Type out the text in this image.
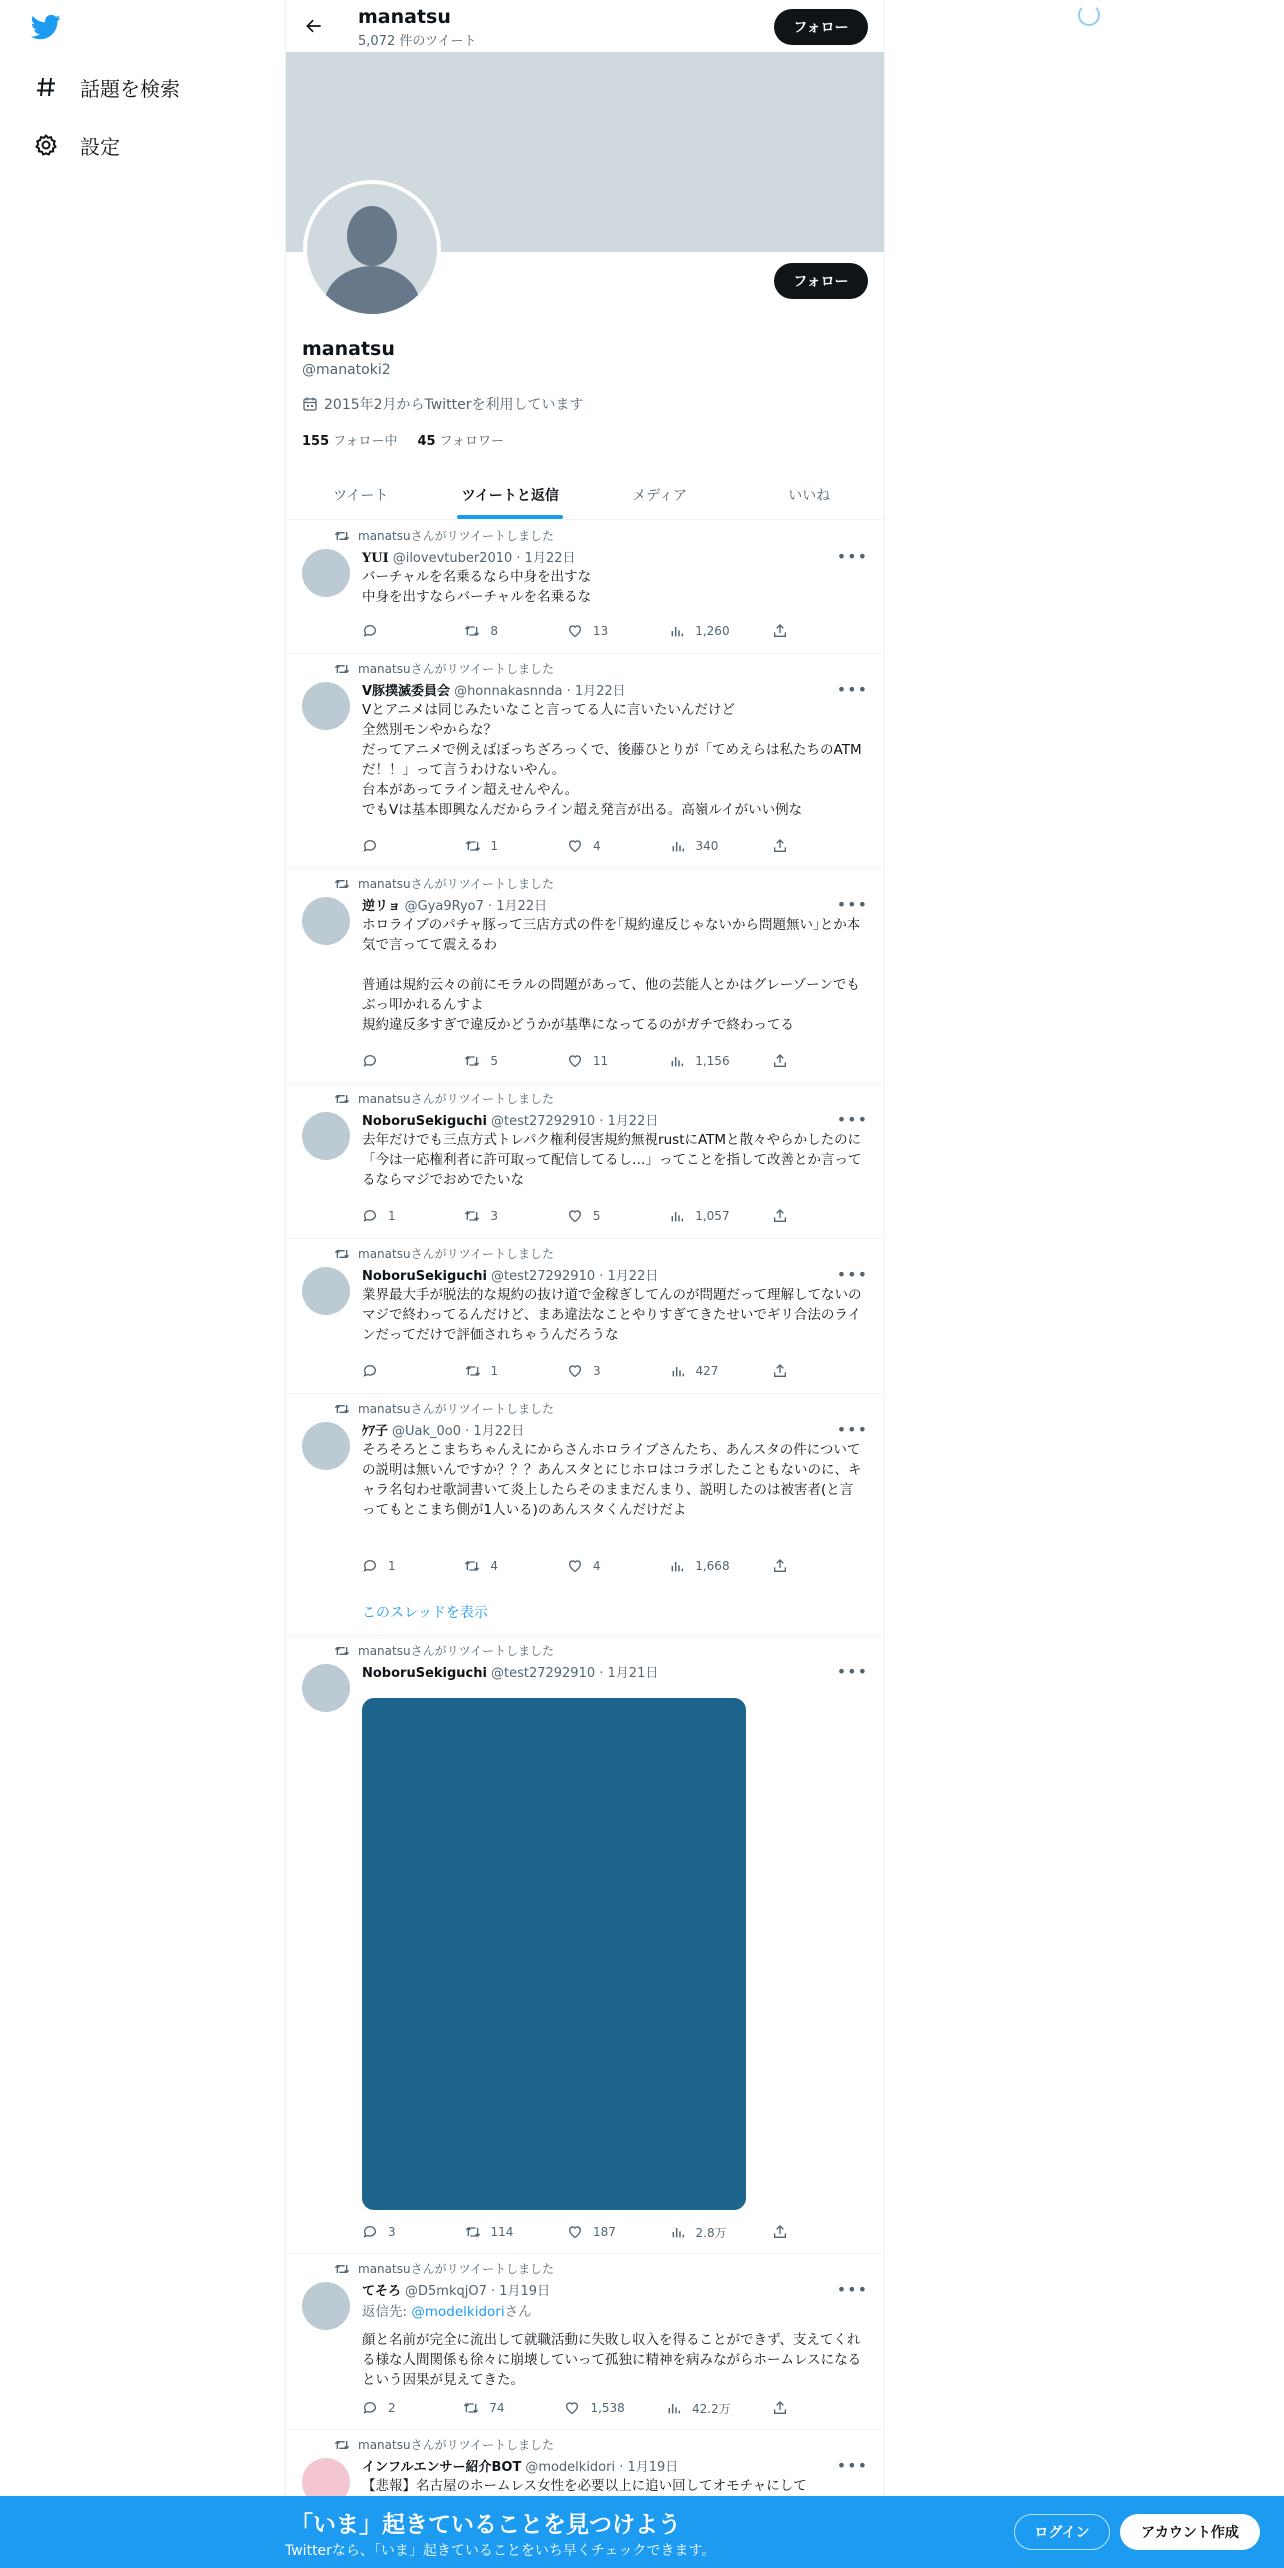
話題を検索
設定
manatsu
5,072 件のツイート
フォロー
フォロー
manatsu
@manatoki2
2015年2月からTwitterを利用しています
155 フォロー中 45 フォロワー
ツイート	ツイートと返信	メディア	いいね
manatsuさんがリツイートしました
𝐘𝐔𝐈 @ilovevtuber2010 · 1月22日	•••
バーチャルを名乗るなら中身を出すな
中身を出すならバーチャルを名乗るな
8	13	1,260
manatsuさんがリツイートしました
V豚撲滅委員会 @honnakasnnda · 1月22日	•••
Vとアニメは同じみたいなこと言ってる人に言いたいんだけど
全然別モンやからな？
だってアニメで例えばぼっちざろっくで、後藤ひとりが「てめえらは私たちのATMだ！！」って言うわけないやん。
台本があってライン超えせんやん。
でもVは基本即興なんだからライン超え発言が出る。高嶺ルイがいい例な
1	4	340
manatsuさんがリツイートしました
逆リョ @Gya9Ryo7 · 1月22日	•••
ホロライブのパチャ豚って三店方式の件を｢規約違反じゃないから問題無い｣とか本気で言ってて震えるわ

普通は規約云々の前にモラルの問題があって、他の芸能人とかはグレーゾーンでもぶっ叩かれるんすよ
規約違反多すぎで違反かどうかが基準になってるのがガチで終わってる
5	11	1,156
manatsuさんがリツイートしました
NoboruSekiguchi @test27292910 · 1月22日	•••
去年だけでも三点方式トレパク権利侵害規約無視rustにATMと散々やらかしたのに「今は一応権利者に許可取って配信してるし…」ってことを指して改善とか言ってるならマジでおめでたいな
1	3	5	1,057
manatsuさんがリツイートしました
NoboruSekiguchi @test27292910 · 1月22日	•••
業界最大手が脱法的な規約の抜け道で金稼ぎしてんのが問題だって理解してないのマジで終わってるんだけど、まあ違法なことやりすぎてきたせいでギリ合法のラインだってだけで評価されちゃうんだろうな
1	3	427
manatsuさんがリツイートしました
ｹｱ子 @Uak_0o0 · 1月22日	•••
そろそろとこまちちゃんえにからさんホロライブさんたち、あんスタの件についての説明は無いんですか？？？あんスタとにじホロはコラボしたこともないのに、キャラ名匂わせ歌詞書いて炎上したらそのままだんまり、説明したのは被害者(と言ってもとこまち側が1人いる)のあんスタくんだけだよ
1	4	4	1,668
このスレッドを表示
manatsuさんがリツイートしました
NoboruSekiguchi @test27292910 · 1月21日	•••
3	114	187	2.8万
manatsuさんがリツイートしました
てそろ @D5mkqjO7 · 1月19日	•••
顔と名前が完全に流出して就職活動に失敗し収入を得ることができず、支えてくれる様な人間関係も徐々に崩壊していって孤独に精神を病みながらホームレスになるという因果が見えてきた。
2	74	1,538	42.2万
返信先: @modelkidoriさん
manatsuさんがリツイートしました
インフルエンサー紹介BOT @modelkidori · 1月19日	•••
【悲報】名古屋のホームレス女性を必要以上に追い回してオモチャにして
「いま」起きていることを見つけよう
Twitterなら、「いま」起きていることをいち早くチェックできます。
ログイン	アカウント作成
